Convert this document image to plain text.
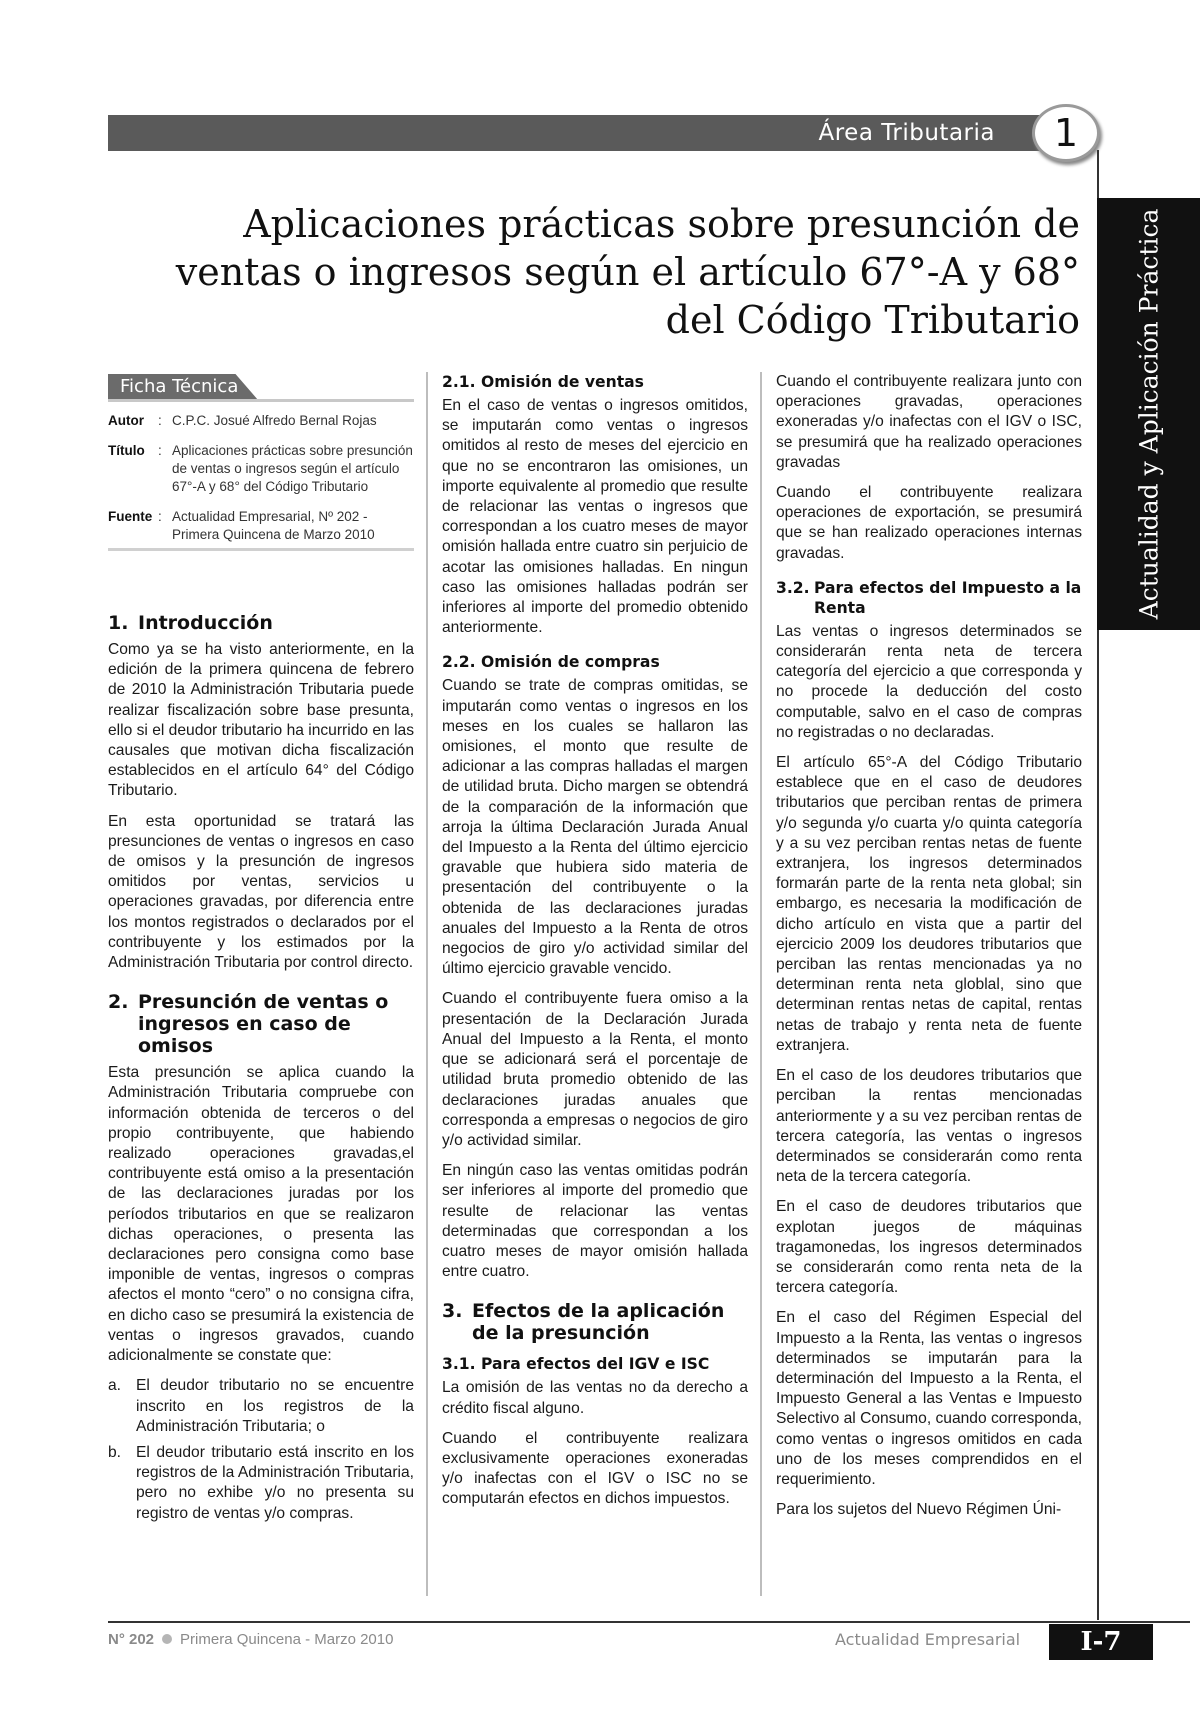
Área Tributaria	1
Actualidad y Aplicación Práctica
Aplicaciones prácticas sobre presunción de
ventas o ingresos según el artículo 67°-A y 68°
del Código Tributario
Ficha Técnica
Autor	: C.P.C. Josué Alfredo Bernal Rojas
Título : Aplicaciones prácticas sobre presunción de ventas o ingresos según el artículo 67°-A y 68° del Código Tributario
Fuente : Actualidad Empresarial, Nº 202 - Primera Quincena de Marzo 2010
1. Introducción

Como ya se ha visto anteriormente, en la edición de la primera quincena de febrero de 2010 la Administración Tributaria puede realizar fiscalización sobre base presunta, ello si el deudor tributario ha incurrido en las causales que motivan dicha fiscalización establecidos en el artículo 64° del Código Tributario.

En esta oportunidad se tratará las presunciones de ventas o ingresos en caso de omisos y la presunción de ingresos omitidos por ventas, servicios u operaciones gravadas, por diferencia entre los montos registrados o declarados por el contribuyente y los estimados por la Administración Tributaria por control directo.

2. Presunción de ventas o ingresos en caso de omisos

Esta presunción se aplica cuando la Administración Tributaria compruebe con información obtenida de terceros o del propio contribuyente, que habiendo realizado operaciones gravadas,el contribuyente está omiso a la presentación de las declaraciones juradas por los períodos tributarios en que se realizaron dichas operaciones, o presenta las declaraciones pero consigna como base imponible de ventas, ingresos o compras afectos el monto “cero” o no consigna cifra, en dicho caso se presumirá la existencia de ventas o ingresos gravados, cuando adicionalmente se constate que:

a. El deudor tributario no se encuentre inscrito en los registros de la Administración Tributaria; o
b. El deudor tributario está inscrito en los registros de la Administración Tributaria, pero no exhibe y/o no presenta su registro de ventas y/o compras.
2.1. Omisión de ventas

En el caso de ventas o ingresos omitidos, se imputarán como ventas o ingresos omitidos al resto de meses del ejercicio en que no se encontraron las omisiones, un importe equivalente al promedio que resulte de relacionar las ventas o ingresos que correspondan a los cuatro meses de mayor omisión hallada entre cuatro sin perjuicio de acotar las omisiones halladas. En ningun caso las omisiones halladas podrán ser inferiores al importe del promedio obtenido anteriormente.

2.2. Omisión de compras

Cuando se trate de compras omitidas, se imputarán como ventas o ingresos en los meses en los cuales se hallaron las omisiones, el monto que resulte de adicionar a las compras halladas el margen de utilidad bruta. Dicho margen se obtendrá de la comparación de la información que arroja la última Declaración Jurada Anual del Impuesto a la Renta del último ejercicio gravable que hubiera sido materia de presentación del contribuyente o la obtenida de las declaraciones juradas anuales del Impuesto a la Renta de otros negocios de giro y/o actividad similar del último ejercicio gravable vencido.

Cuando el contribuyente fuera omiso a la presentación de la Declaración Jurada Anual del Impuesto a la Renta, el monto que se adicionará será el porcentaje de utilidad bruta promedio obtenido de las declaraciones juradas anuales que corresponda a empresas o negocios de giro y/o actividad similar.

En ningún caso las ventas omitidas podrán ser inferiores al importe del promedio que resulte de relacionar las ventas determinadas que correspondan a los cuatro meses de mayor omisión hallada entre cuatro.

3. Efectos de la aplicación de la presunción
3.1. Para efectos del IGV e ISC

La omisión de las ventas no da derecho a crédito fiscal alguno.

Cuando el contribuyente realizara exclusivamente operaciones exoneradas y/o inafectas con el IGV o ISC no se computarán efectos en dichos impuestos.

Cuando el contribuyente realizara junto con operaciones gravadas, operaciones exoneradas y/o inafectas con el IGV o ISC, se presumirá que ha realizado operaciones gravadas

Cuando el contribuyente realizara operaciones de exportación, se presumirá que se han realizado operaciones internas gravadas.

3.2. Para efectos del Impuesto a la Renta

Las ventas o ingresos determinados se considerarán renta neta de tercera categoría del ejercicio a que corresponda y no procede la deducción del costo computable, salvo en el caso de compras no registradas o no declaradas.

El artículo 65°-A del Código Tributario establece que en el caso de deudores tributarios que perciban rentas de primera y/o segunda y/o cuarta y/o quinta categoría y a su vez perciban rentas netas de fuente extranjera, los ingresos determinados formarán parte de la renta neta global; sin embargo, es necesaria la modificación de dicho artículo en vista que a partir del ejercicio 2009 los deudores tributarios que perciban las rentas mencionadas ya no determinan renta neta globlal, sino que determinan rentas netas de capital, rentas netas de trabajo y renta neta de fuente extranjera.

En el caso de los deudores tributarios que perciban la rentas mencionadas anteriormente y a su vez perciban rentas de tercera categoría, las ventas o ingresos determinados se considerarán como renta neta de la tercera categoría.

En el caso de deudores tributarios que explotan juegos de máquinas tragamonedas, los ingresos determinados se considerarán como renta neta de la tercera categoría.

En el caso del Régimen Especial del Impuesto a la Renta, las ventas o ingresos determinados se imputarán para la determinación del Impuesto a la Renta, el Impuesto General a las Ventas e Impuesto Selectivo al Consumo, cuando corresponda, como ventas o ingresos omitidos en cada uno de los meses comprendidos en el requerimiento.

Para los sujetos del Nuevo Régimen Úni-

N° 202 Primera Quincena - Marzo 2010	Actualidad Empresarial	I-7
